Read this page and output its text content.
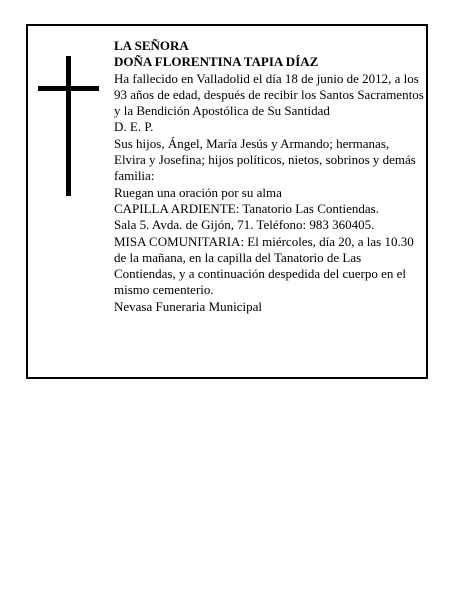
LA SEÑORA

DOÑA FLORENTINA TAPIA DÍAZ

Ha fallecido en Valladolid el día 18 de junio de 2012, a los 93 años de edad, después de recibir los Santos Sacramentos y la Bendición Apostólica de Su Santidad

D. E. P.

Sus hijos, Ángel, María Jesús y Armando; hermanas, Elvira y Josefina; hijos políticos, nietos, sobrinos y demás familia:

Ruegan una oración por su alma

CAPILLA ARDIENTE: Tanatorio Las Contiendas.

Sala 5. Avda. de Gijón, 71. Teléfono: 983 360405.

MISA COMUNITARIA: El miércoles, día 20, a las 10.30 de la mañana, en la capilla del Tanatorio de Las Contiendas, y a continuación despedida del cuerpo en el mismo cementerio.

Nevasa Funeraria Municipal
